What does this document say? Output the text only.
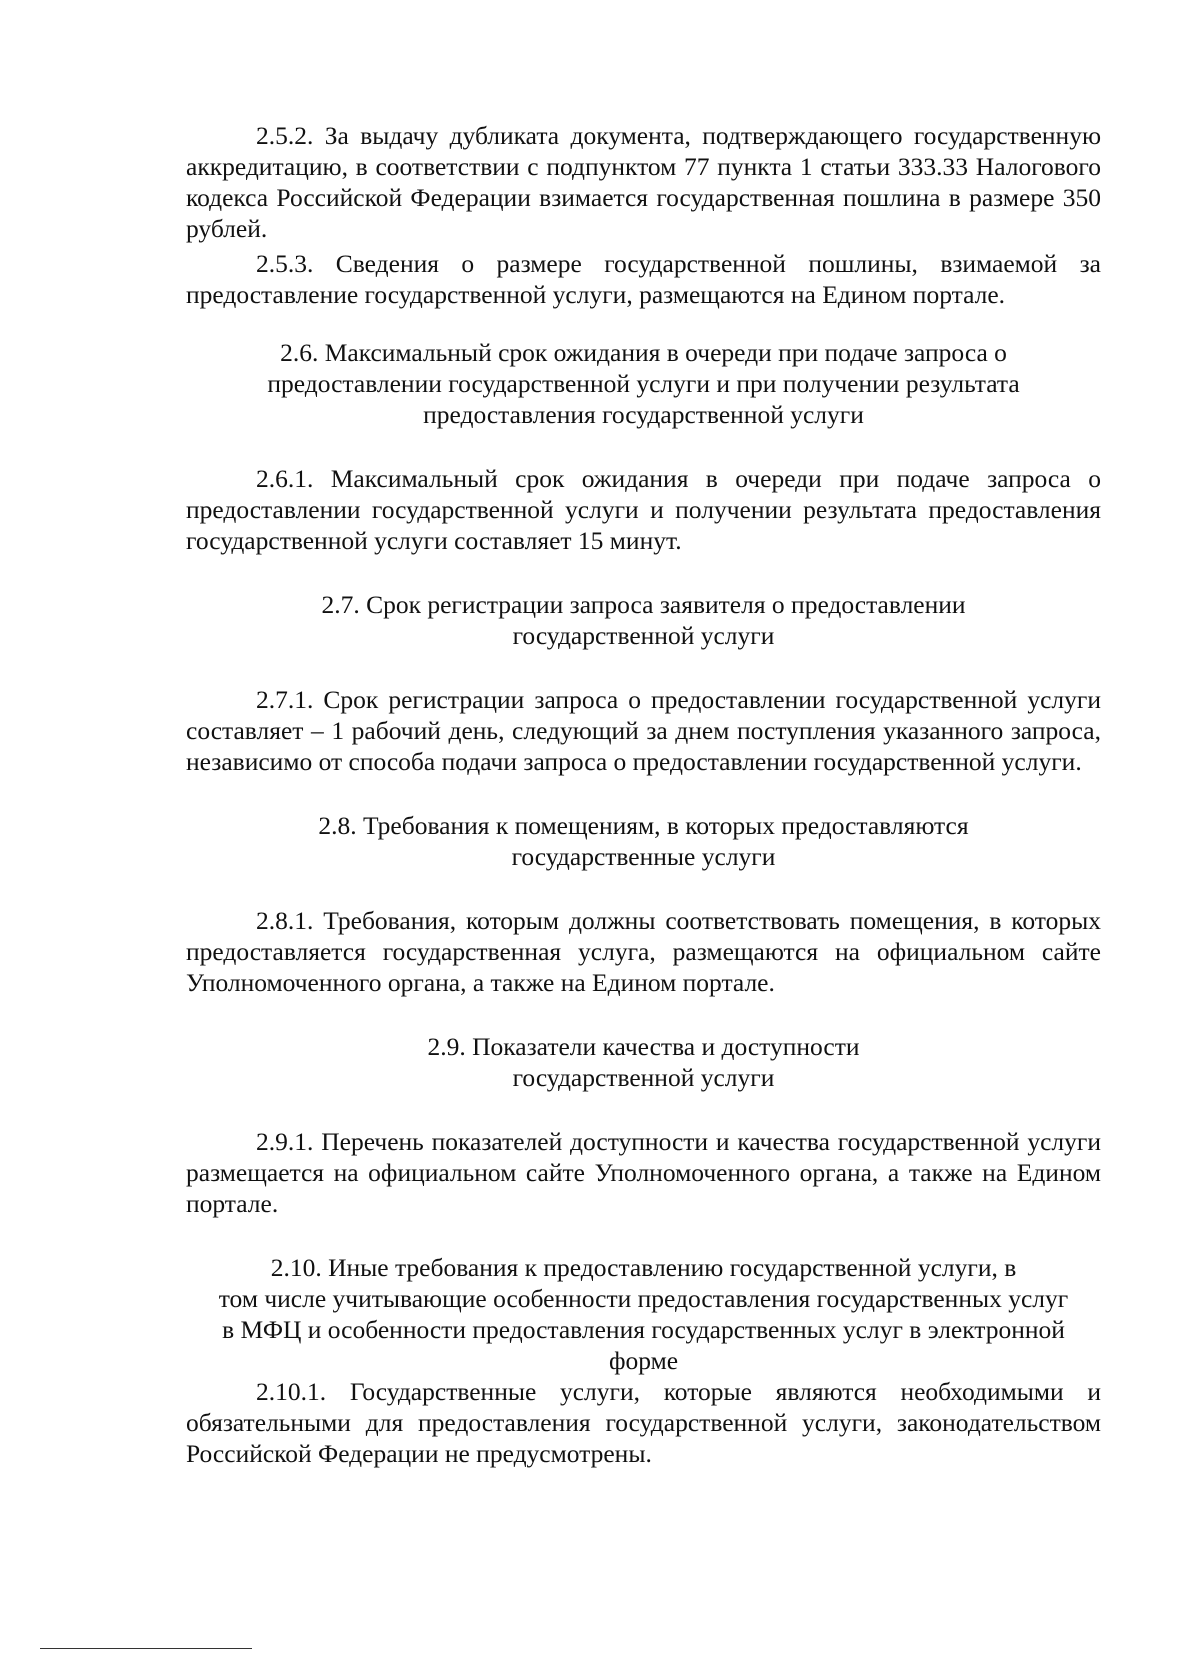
2.5.2. За выдачу дубликата документа, подтверждающего государственную аккредитацию, в соответствии с подпунктом 77 пункта 1 статьи 333.33 Налогового кодекса Российской Федерации взимается государственная пошлина в размере 350 рублей.

2.5.3. Сведения о размере государственной пошлины, взимаемой за предоставление государственной услуги, размещаются на Едином портале.

2.6. Максимальный срок ожидания в очереди при подаче запроса о
предоставлении государственной услуги и при получении результата
предоставления государственной услуги

2.6.1. Максимальный срок ожидания в очереди при подаче запроса о предоставлении государственной услуги и получении результата предоставления государственной услуги составляет 15 минут.

2.7. Срок регистрации запроса заявителя о предоставлении
государственной услуги

2.7.1. Срок регистрации запроса о предоставлении государственной услуги составляет – 1 рабочий день, следующий за днем поступления указанного запроса, независимо от способа подачи запроса о предоставлении государственной услуги.

2.8. Требования к помещениям, в которых предоставляются
государственные услуги

2.8.1. Требования, которым должны соответствовать помещения, в которых предоставляется государственная услуга, размещаются на официальном сайте Уполномоченного органа, а также на Едином портале.

2.9. Показатели качества и доступности
государственной услуги

2.9.1. Перечень показателей доступности и качества государственной услуги размещается на официальном сайте Уполномоченного органа, а также на Едином портале.

2.10. Иные требования к предоставлению государственной услуги, в
том числе учитывающие особенности предоставления государственных услуг
в МФЦ и особенности предоставления государственных услуг в электронной
форме

2.10.1. Государственные услуги, которые являются необходимыми и обязательными для предоставления государственной услуги, законодательством Российской Федерации не предусмотрены.
